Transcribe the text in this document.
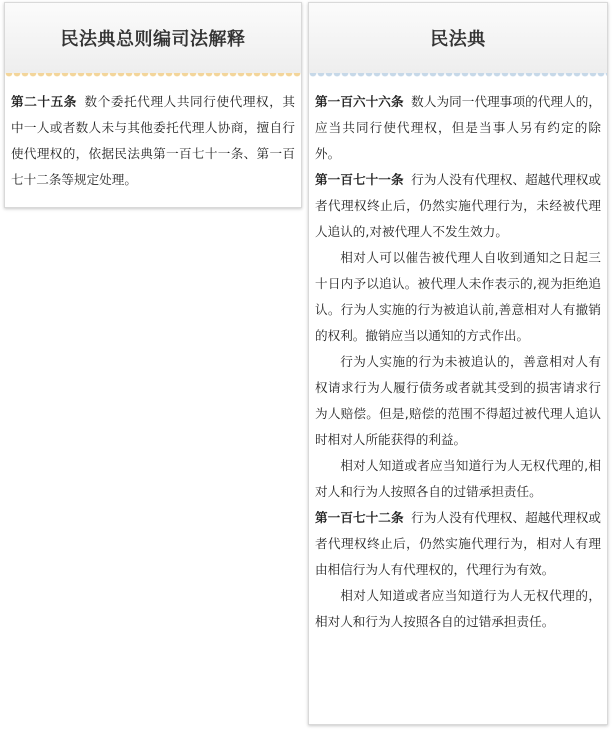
民法典总则编司法解释

第二十五条 数个委托代理人共同行使代理权，其中一人或者数人未与其他委托代理人协商，擅自行使代理权的，依据民法典第一百七十一条、第一百七十二条等规定处理。

民法典

第一百六十六条 数人为同一代理事项的代理人的，应当共同行使代理权，但是当事人另有约定的除外。

第一百七十一条 行为人没有代理权、超越代理权或者代理权终止后，仍然实施代理行为，未经被代理人追认的,对被代理人不发生效力。

相对人可以催告被代理人自收到通知之日起三十日内予以追认。被代理人未作表示的,视为拒绝追认。行为人实施的行为被追认前,善意相对人有撤销的权利。撤销应当以通知的方式作出。

行为人实施的行为未被追认的，善意相对人有权请求行为人履行债务或者就其受到的损害请求行为人赔偿。但是,赔偿的范围不得超过被代理人追认时相对人所能获得的利益。

相对人知道或者应当知道行为人无权代理的,相对人和行为人按照各自的过错承担责任。

第一百七十二条 行为人没有代理权、超越代理权或者代理权终止后，仍然实施代理行为，相对人有理由相信行为人有代理权的，代理行为有效。

相对人知道或者应当知道行为人无权代理的，相对人和行为人按照各自的过错承担责任。
